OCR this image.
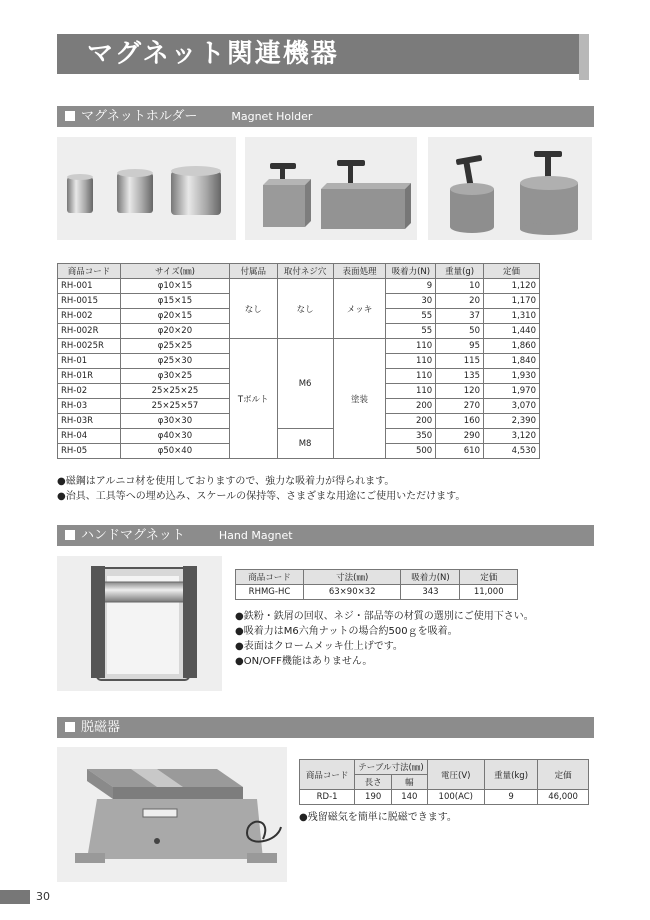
マグネット関連機器
マグネットホルダー	Magnet Holder
商品コード	サイズ(㎜)	付属品	取付ネジ穴	表面処理	吸着力(N)	重量(g)	定価
RH-001	φ10×15	なし	なし	メッキ	9	10	1,120
RH-0015	φ15×15				30	20	1,170
RH-002	φ20×15				55	37	1,310
RH-002R	φ20×20				55	50	1,440
RH-0025R	φ25×25	Tボルト	M6	塗装	110	95	1,860
RH-01	φ25×30				110	115	1,840
RH-01R	φ30×25				110	135	1,930
RH-02	25×25×25				110	120	1,970
RH-03	25×25×57				200	270	3,070
RH-03R	φ30×30				200	160	2,390
RH-04	φ40×30		M8		350	290	3,120
RH-05	φ50×40				500	610	4,530
● 磁鋼はアルニコ材を使用しておりますので、強力な吸着力が得られます。
● 治具、工具等への埋め込み、スケールの保持等、さまざまな用途にご使用いただけます。
ハンドマグネット	Hand Magnet
商品コード	寸法(㎜)	吸着力(N)	定価
RHMG-HC	63×90×32	343	11,000
● 鉄粉・鉄屑の回収、ネジ・部品等の材質の選別にご使用下さい。
● 吸着力はM6六角ナットの場合約500ｇを吸着。
● 表面はクロームメッキ仕上げです。
● ON/OFF機能はありません。
脱磁器
商品コード	テーブル寸法(㎜)		電圧(V)	重量(kg)	定価
	長さ	幅			
RD-1	190	140	100(AC)	9	46,000
● 残留磁気を簡単に脱磁できます。
30
